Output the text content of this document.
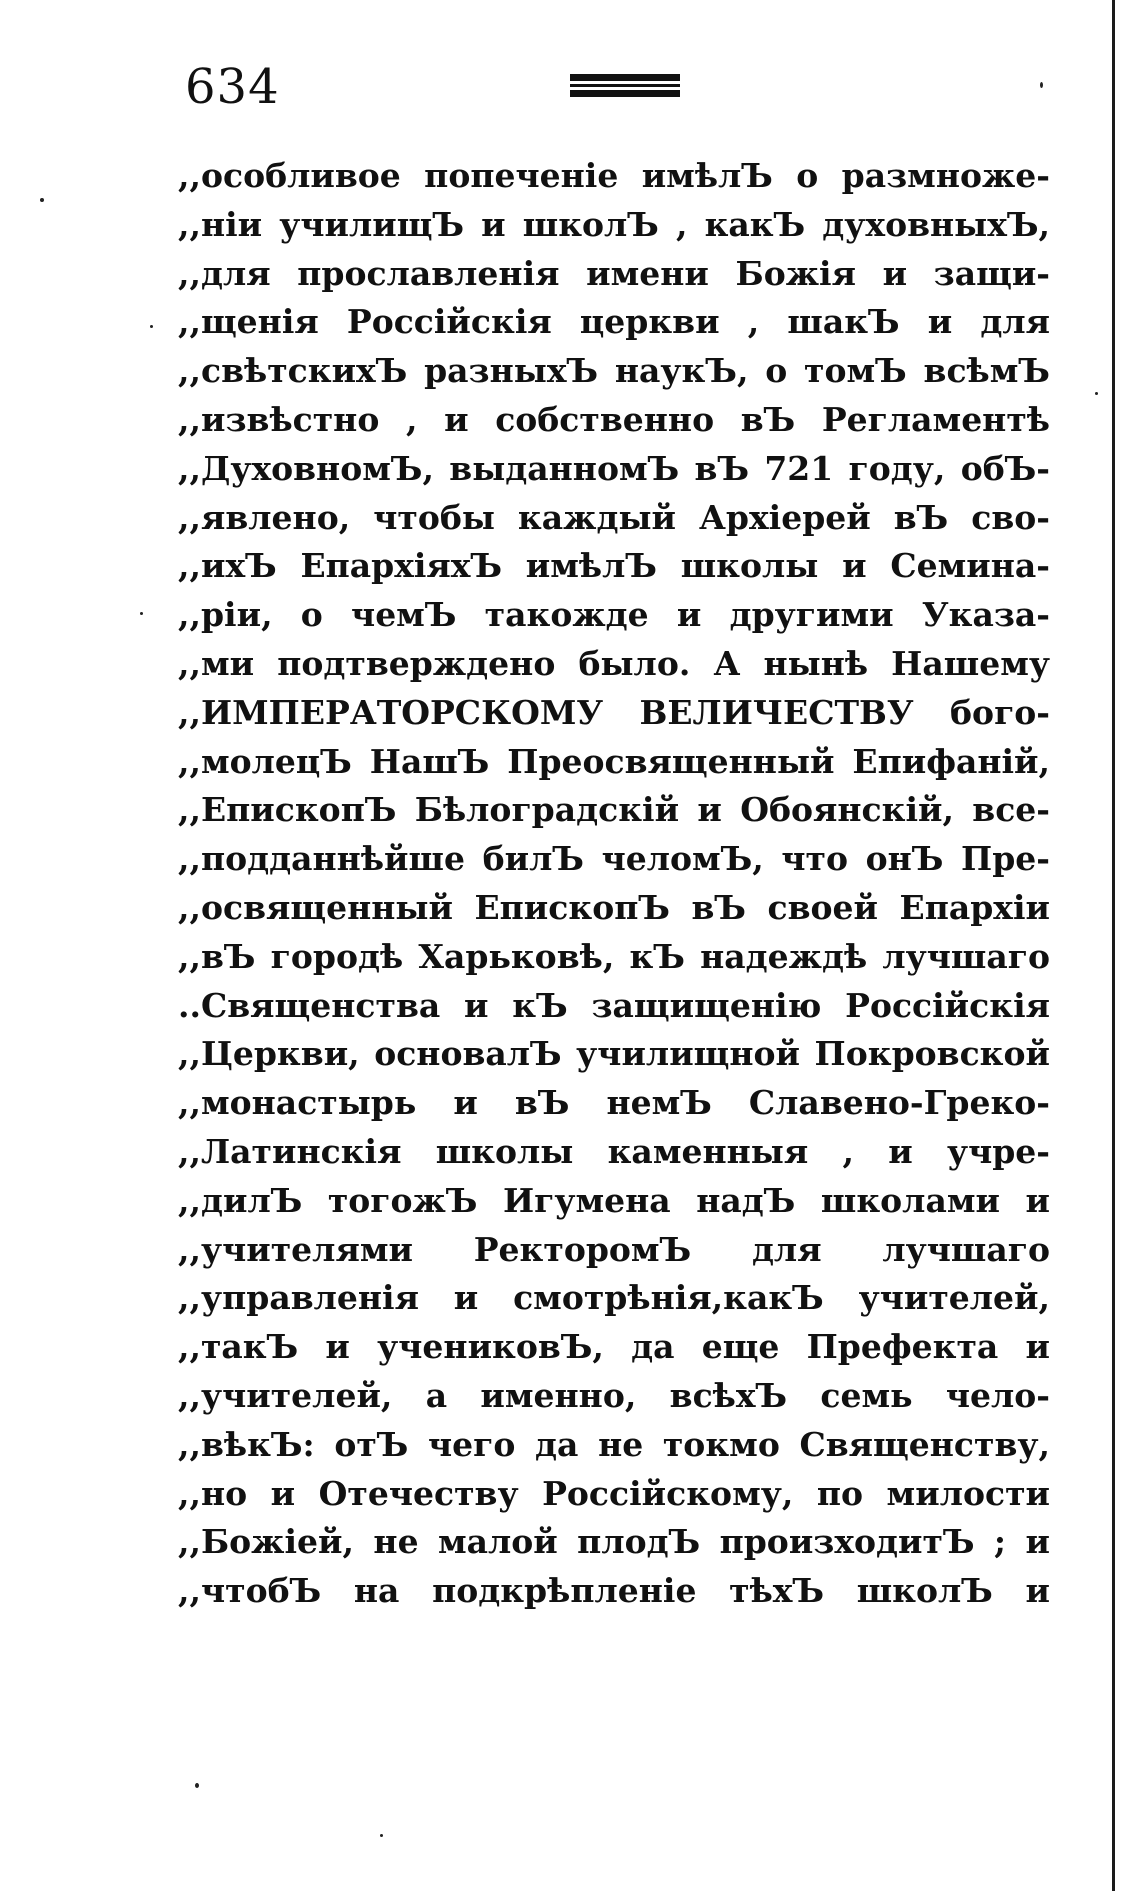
634
,,особливое попеченіе имѣлЪ о размноже-
,,ніи училищЪ и школЪ , какЪ духовныхЪ,
,,для прославленія имени Божія и защи-
,,щенія Россійскія церкви , шакЪ и для
,,свѣтскихЪ разныхЪ наукЪ, о томЪ всѣмЪ
,,извѣстно , и собственно вЪ Регламентѣ
,,ДуховномЪ, выданномЪ вЪ 721 году, обЪ-
,,явлено, чтобы каждый Архіерей вЪ сво-
,,ихЪ ЕпархіяхЪ имѣлЪ школы и Семина-
,,ріи, о чемЪ такожде и другими Указа-
,,ми подтверждено было. А нынѣ Нашему
,,ИМПЕРАТОРСКОМУ ВЕЛИЧЕСТВУ бого-
,,молецЪ НашЪ Преосвященный Епифаній,
,,ЕпископЪ Бѣлоградскій и Обоянскій, все-
,,подданнѣйше билЪ челомЪ, что онЪ Пре-
,,освященный ЕпископЪ вЪ своей Епархіи
,,вЪ городѣ Харьковѣ, кЪ надеждѣ лучшаго
..Священства и кЪ защищенію Россійскія
,,Церкви, основалЪ училищной Покровской
,,монастырь и вЪ немЪ Славено-Греко-
,,Латинскія школы каменныя , и учре-
,,дилЪ тогожЪ Игумена надЪ школами и
,,учителями РекторомЪ для лучшаго
,,управленія и смотрѣнія,какЪ учителей,
,,такЪ и учениковЪ, да еще Префекта и
,,учителей, а именно, всѣхЪ семь чело-
,,вѣкЪ: отЪ чего да не токмо Священству,
,,но и Отечеству Россійскому, по милости
,,Божіей, не малой плодЪ произходитЪ ; и
,,чтобЪ на подкрѣпленіе тѣхЪ школЪ и
